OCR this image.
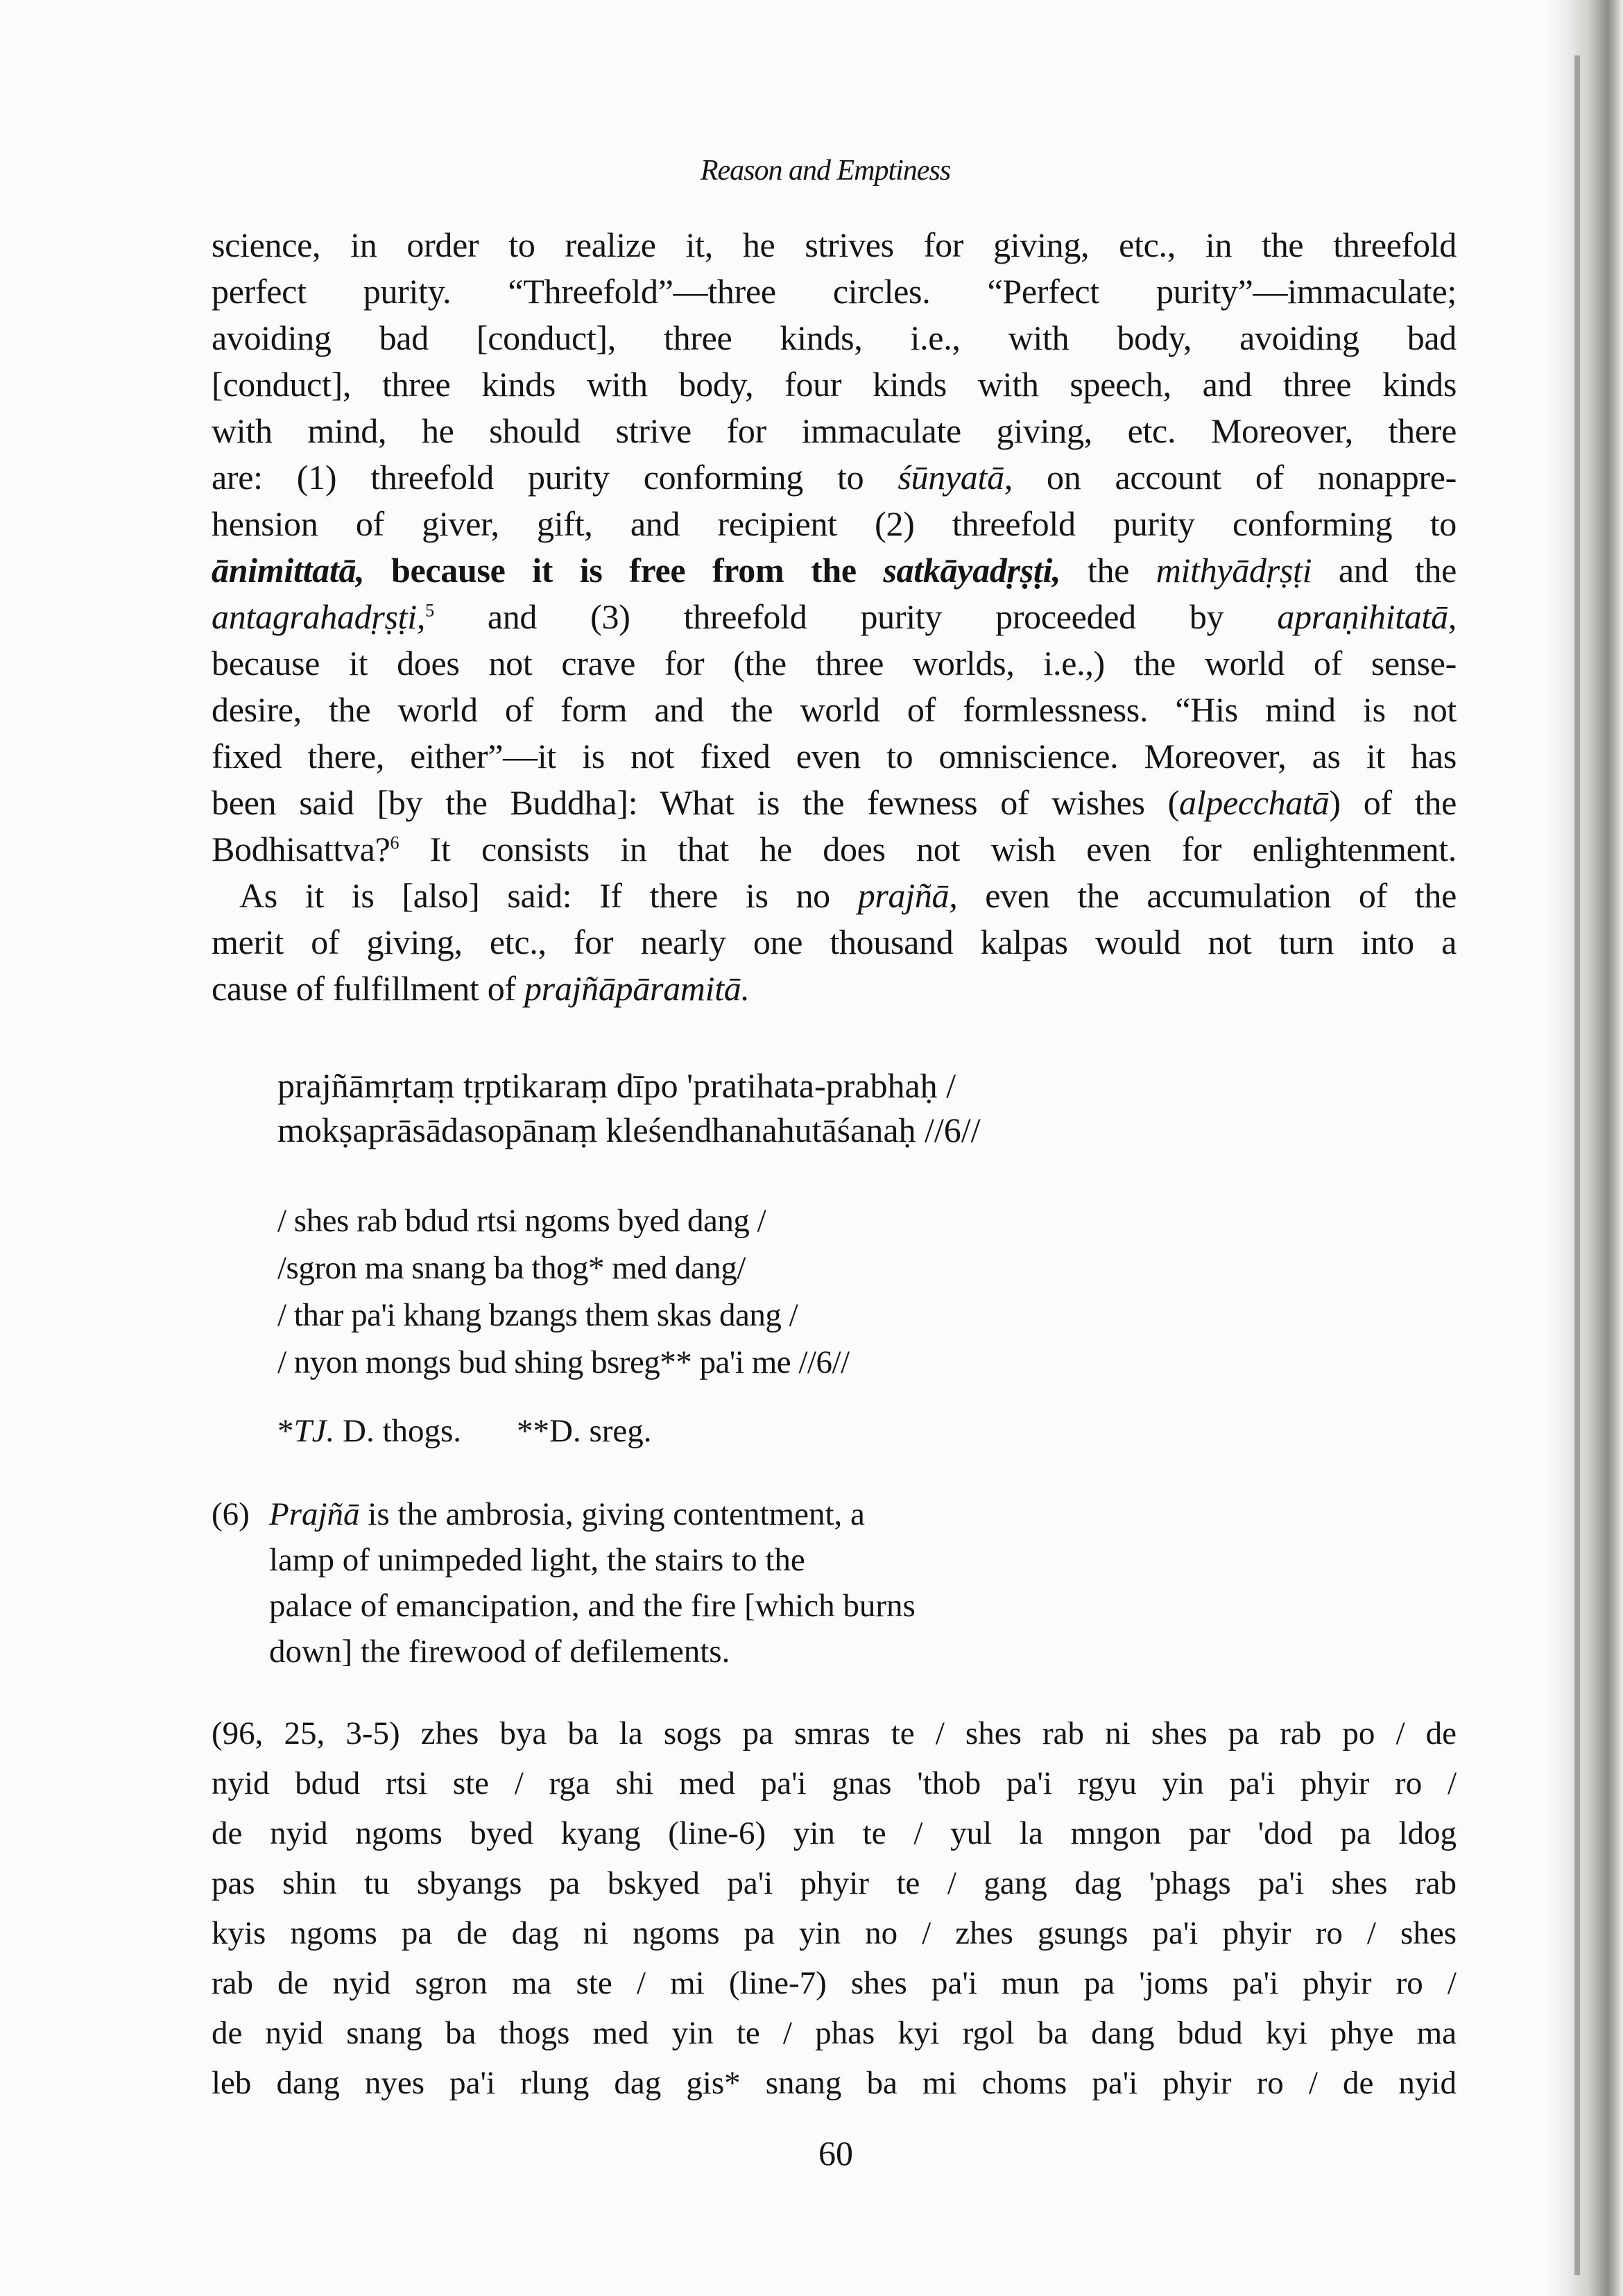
Reason and Emptiness
science, in order to realize it, he strives for giving, etc., in the threefold
perfect purity. “Threefold”—three circles. “Perfect purity”—immaculate;
avoiding bad [conduct], three kinds, i.e., with body, avoiding bad
[conduct], three kinds with body, four kinds with speech, and three kinds
with mind, he should strive for immaculate giving, etc. Moreover, there
are: (1) threefold purity conforming to śūnyatā, on account of nonappre-
hension of giver, gift, and recipient (2) threefold purity conforming to
ānimittatā, because it is free from the satkāyadṛṣṭi, the mithyādṛṣṭi and the
antagrahadṛṣṭi,$^5$ and (3) threefold purity proceeded by apraṇihitatā,
because it does not crave for (the three worlds, i.e.,) the world of sense-
desire, the world of form and the world of formlessness. “His mind is not
fixed there, either”—it is not fixed even to omniscience. Moreover, as it has
been said [by the Buddha]: What is the fewness of wishes (alpecchatā) of the
Bodhisattva?$^6$ It consists in that he does not wish even for enlightenment.
As it is [also] said: If there is no prajñā, even the accumulation of the
merit of giving, etc., for nearly one thousand kalpas would not turn into a
cause of fulfillment of prajñāpāramitā.
prajñāmṛtaṃ tṛptikaraṃ dīpo 'pratihata-prabhaḥ /
mokṣaprāsādasopānaṃ kleśendhanahutāśanaḥ //6//
/ shes rab bdud rtsi ngoms byed dang /
/sgron ma snang ba thog* med dang/
/ thar pa'i khang bzangs them skas dang /
/ nyon mongs bud shing bsreg** pa'i me //6//
*TJ. D. thogs. **D. sreg.
(6) Prajñā is the ambrosia, giving contentment, a
lamp of unimpeded light, the stairs to the
palace of emancipation, and the fire [which burns
down] the firewood of defilements.
(96, 25, 3-5) zhes bya ba la sogs pa smras te / shes rab ni shes pa rab po / de
nyid bdud rtsi ste / rga shi med pa'i gnas 'thob pa'i rgyu yin pa'i phyir ro /
de nyid ngoms byed kyang (line-6) yin te / yul la mngon par 'dod pa ldog
pas shin tu sbyangs pa bskyed pa'i phyir te / gang dag 'phags pa'i shes rab
kyis ngoms pa de dag ni ngoms pa yin no / zhes gsungs pa'i phyir ro / shes
rab de nyid sgron ma ste / mi (line-7) shes pa'i mun pa 'joms pa'i phyir ro /
de nyid snang ba thogs med yin te / phas kyi rgol ba dang bdud kyi phye ma
leb dang nyes pa'i rlung dag gis* snang ba mi choms pa'i phyir ro / de nyid
60
